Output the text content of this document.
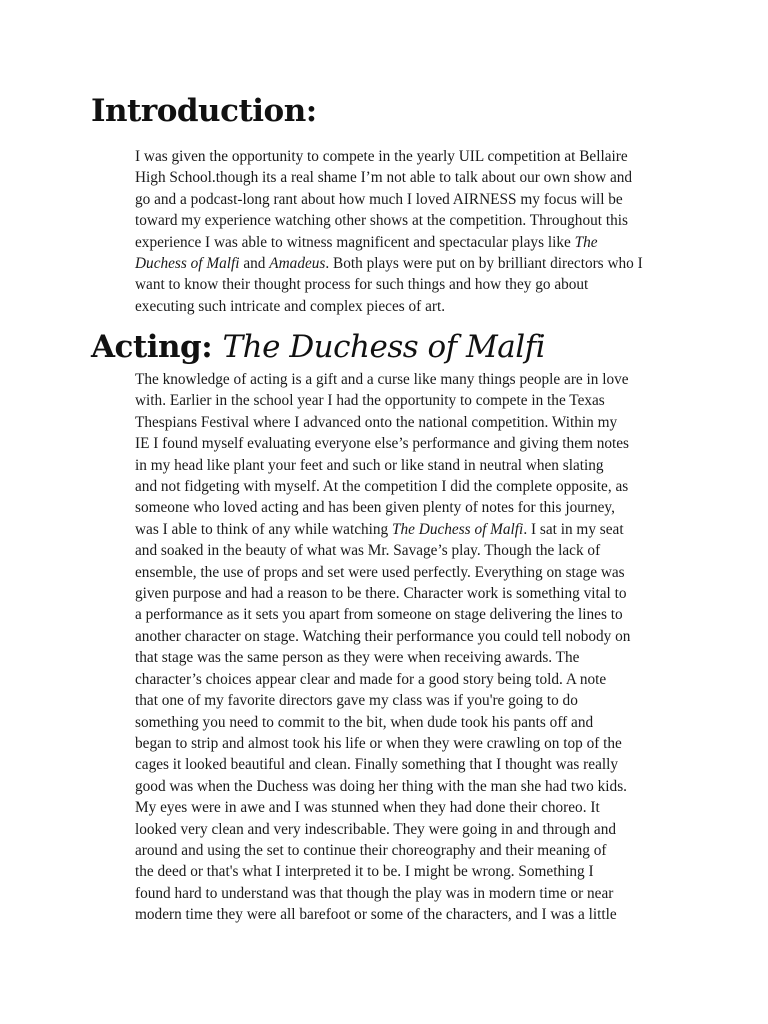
Introduction:
I was given the opportunity to compete in the yearly UIL competition at Bellaire
High School.though its a real shame I’m not able to talk about our own show and
go and a podcast-long rant about how much I loved AIRNESS my focus will be
toward my experience watching other shows at the competition. Throughout this
experience I was able to witness magnificent and spectacular plays like The
Duchess of Malfi and Amadeus. Both plays were put on by brilliant directors who I
want to know their thought process for such things and how they go about
executing such intricate and complex pieces of art.
Acting: The Duchess of Malfi
The knowledge of acting is a gift and a curse like many things people are in love
with. Earlier in the school year I had the opportunity to compete in the Texas
Thespians Festival where I advanced onto the national competition. Within my
IE I found myself evaluating everyone else’s performance and giving them notes
in my head like plant your feet and such or like stand in neutral when slating
and not fidgeting with myself. At the competition I did the complete opposite, as
someone who loved acting and has been given plenty of notes for this journey,
was I able to think of any while watching The Duchess of Malfi. I sat in my seat
and soaked in the beauty of what was Mr. Savage’s play. Though the lack of
ensemble, the use of props and set were used perfectly. Everything on stage was
given purpose and had a reason to be there. Character work is something vital to
a performance as it sets you apart from someone on stage delivering the lines to
another character on stage. Watching their performance you could tell nobody on
that stage was the same person as they were when receiving awards. The
character’s choices appear clear and made for a good story being told. A note
that one of my favorite directors gave my class was if you're going to do
something you need to commit to the bit, when dude took his pants off and
began to strip and almost took his life or when they were crawling on top of the
cages it looked beautiful and clean. Finally something that I thought was really
good was when the Duchess was doing her thing with the man she had two kids.
My eyes were in awe and I was stunned when they had done their choreo. It
looked very clean and very indescribable. They were going in and through and
around and using the set to continue their choreography and their meaning of
the deed or that's what I interpreted it to be. I might be wrong. Something I
found hard to understand was that though the play was in modern time or near
modern time they were all barefoot or some of the characters, and I was a little
